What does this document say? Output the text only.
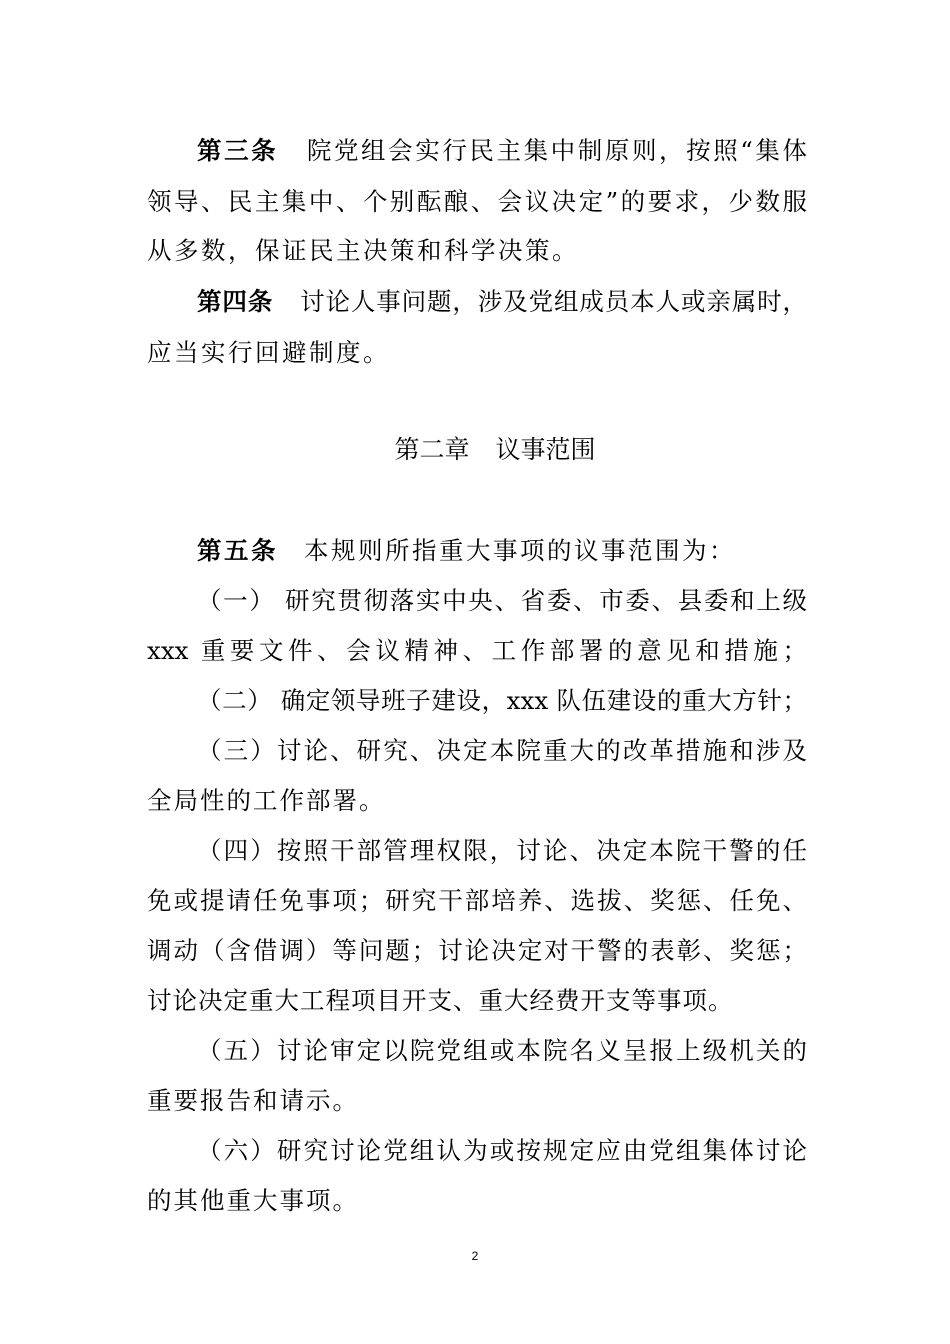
第三条 院党组会实行民主集中制原则，按照“集体
领导、民主集中、个别酝酿、会议决定”的要求，少数服
从多数，保证民主决策和科学决策。
第四条 讨论人事问题，涉及党组成员本人或亲属时，
应当实行回避制度。
第二章 议事范围
第五条 本规则所指重大事项的议事范围为：
（一） 研究贯彻落实中央、省委、市委、县委和上级
xxx 重要文件、会议精神、工作部署的意见和措施；
（二） 确定领导班子建设，xxx 队伍建设的重大方针；
（三）讨论、研究、决定本院重大的改革措施和涉及
全局性的工作部署。
（四）按照干部管理权限，讨论、决定本院干警的任
免或提请任免事项；研究干部培养、选拔、奖惩、任免、
调动（含借调）等问题；讨论决定对干警的表彰、奖惩；
讨论决定重大工程项目开支、重大经费开支等事项。
（五）讨论审定以院党组或本院名义呈报上级机关的
重要报告和请示。
（六）研究讨论党组认为或按规定应由党组集体讨论
的其他重大事项。
2
